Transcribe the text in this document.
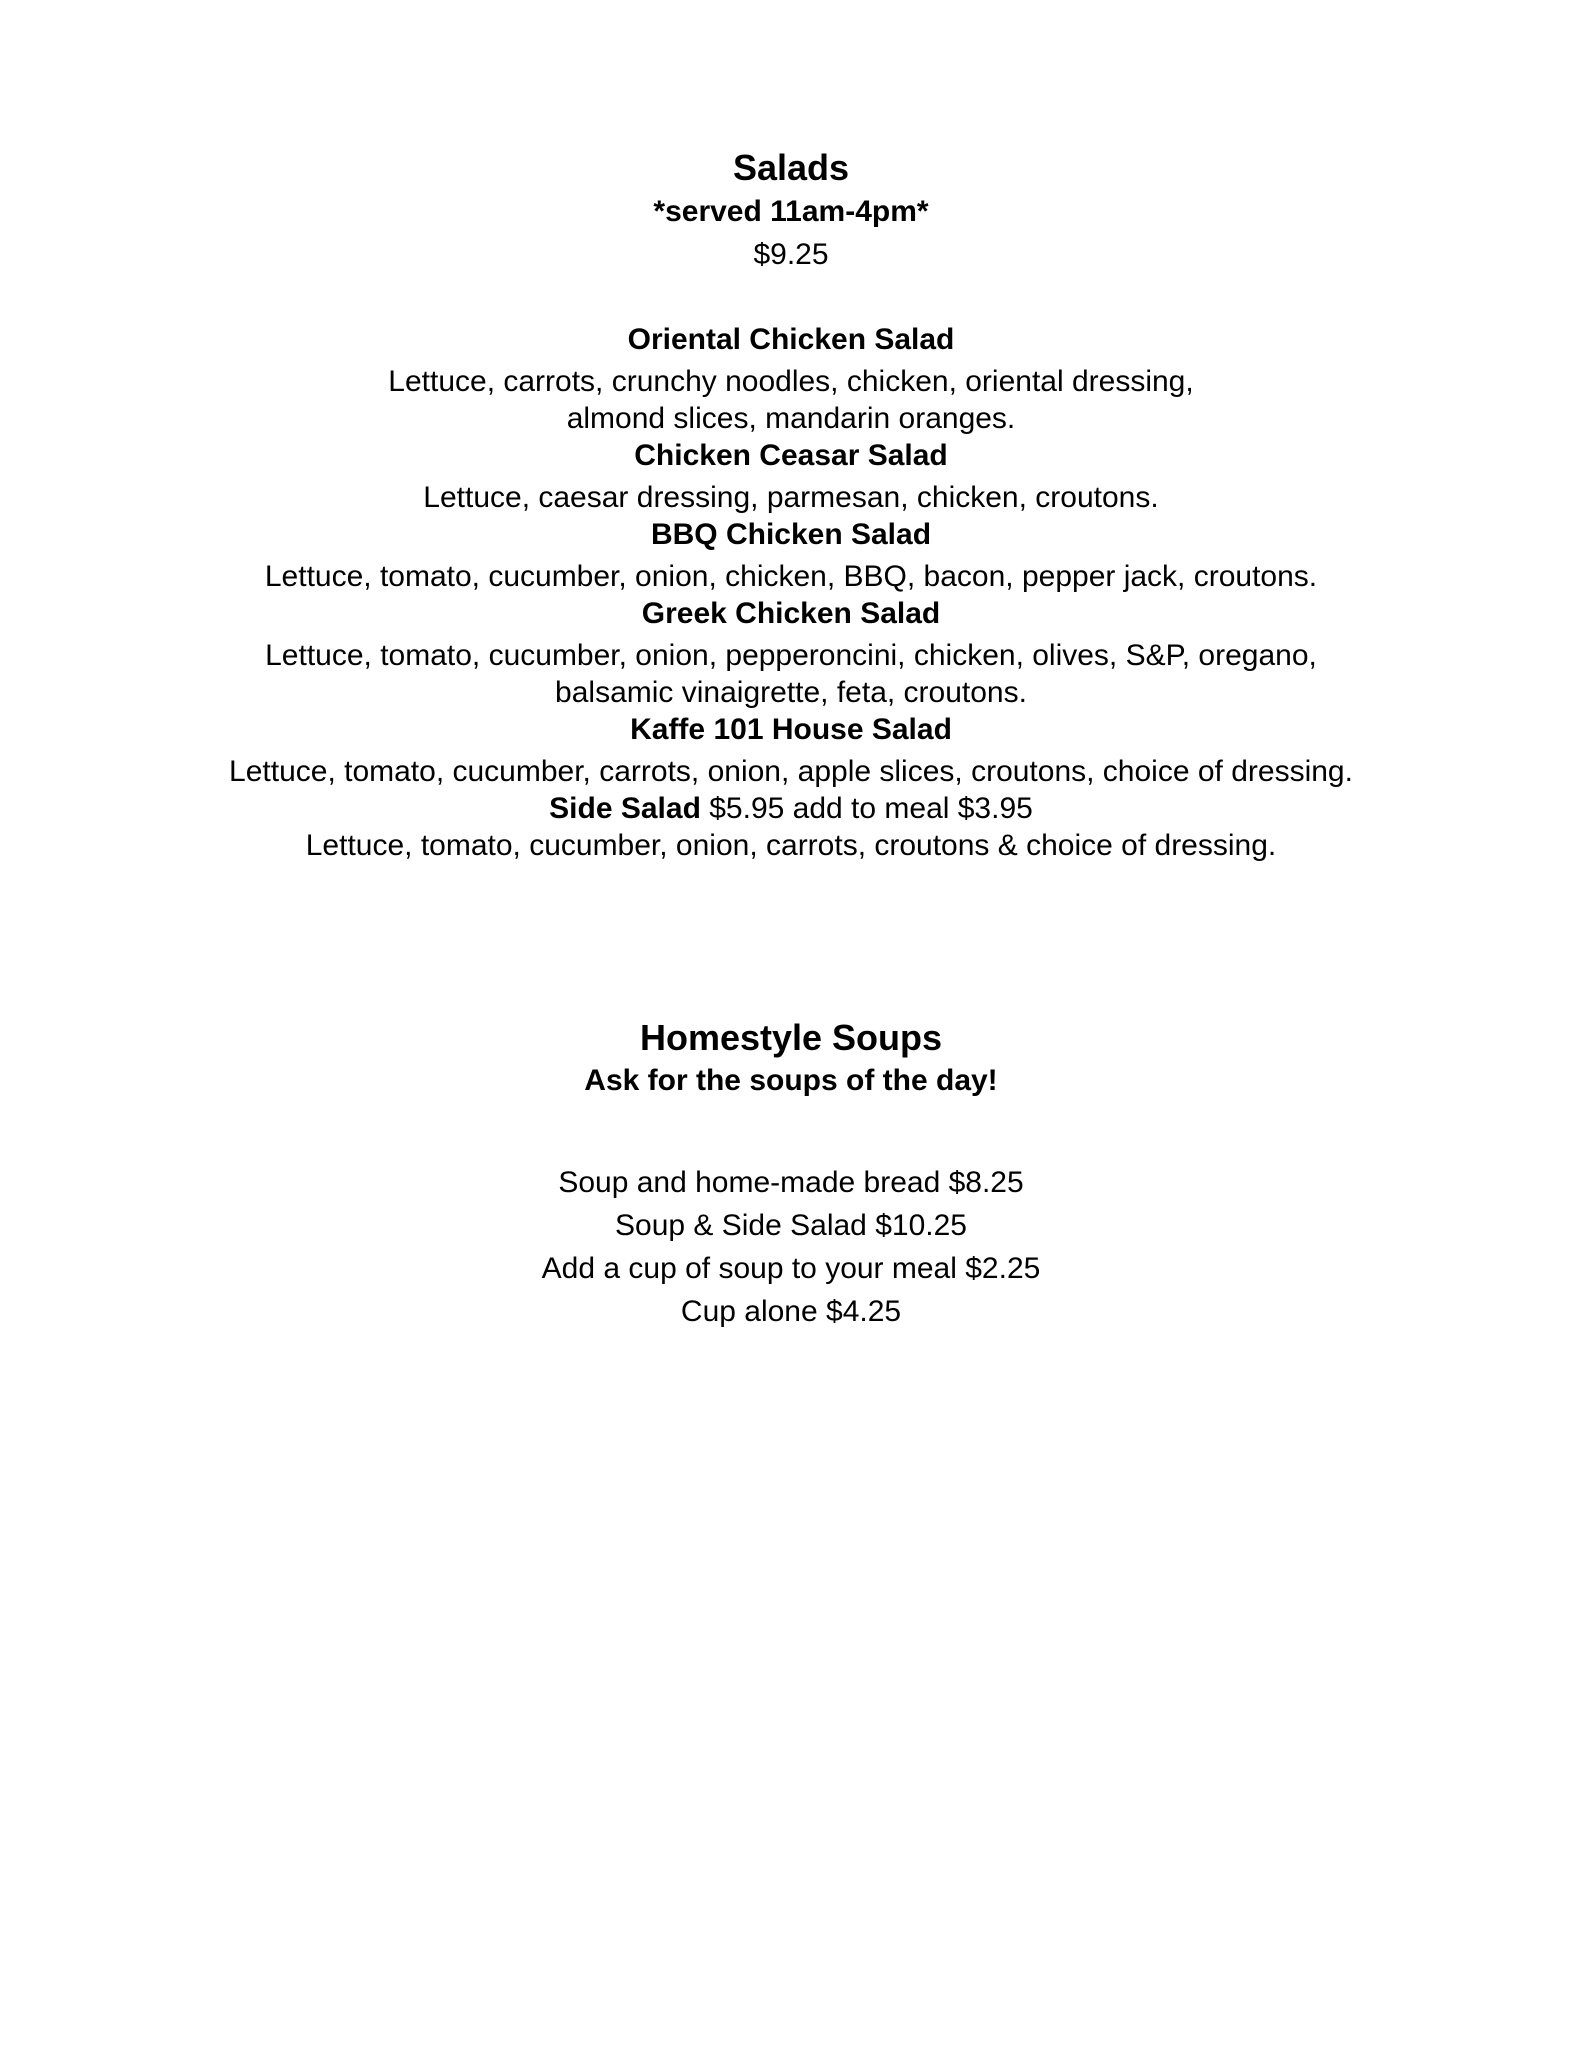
Salads
*served 11am-4pm*
$9.25
Oriental Chicken Salad
Lettuce, carrots, crunchy noodles, chicken, oriental dressing,
almond slices, mandarin oranges.
Chicken Ceasar Salad
Lettuce, caesar dressing, parmesan, chicken, croutons.
BBQ Chicken Salad
Lettuce, tomato, cucumber, onion, chicken, BBQ, bacon, pepper jack, croutons.
Greek Chicken Salad
Lettuce, tomato, cucumber, onion, pepperoncini, chicken, olives, S&P, oregano,
balsamic vinaigrette, feta, croutons.
Kaffe 101 House Salad
Lettuce, tomato, cucumber, carrots, onion, apple slices, croutons, choice of dressing.
Side Salad $5.95 add to meal $3.95
Lettuce, tomato, cucumber, onion, carrots, croutons & choice of dressing.
Homestyle Soups
Ask for the soups of the day!
Soup and home-made bread $8.25
Soup & Side Salad $10.25
Add a cup of soup to your meal $2.25
Cup alone $4.25
